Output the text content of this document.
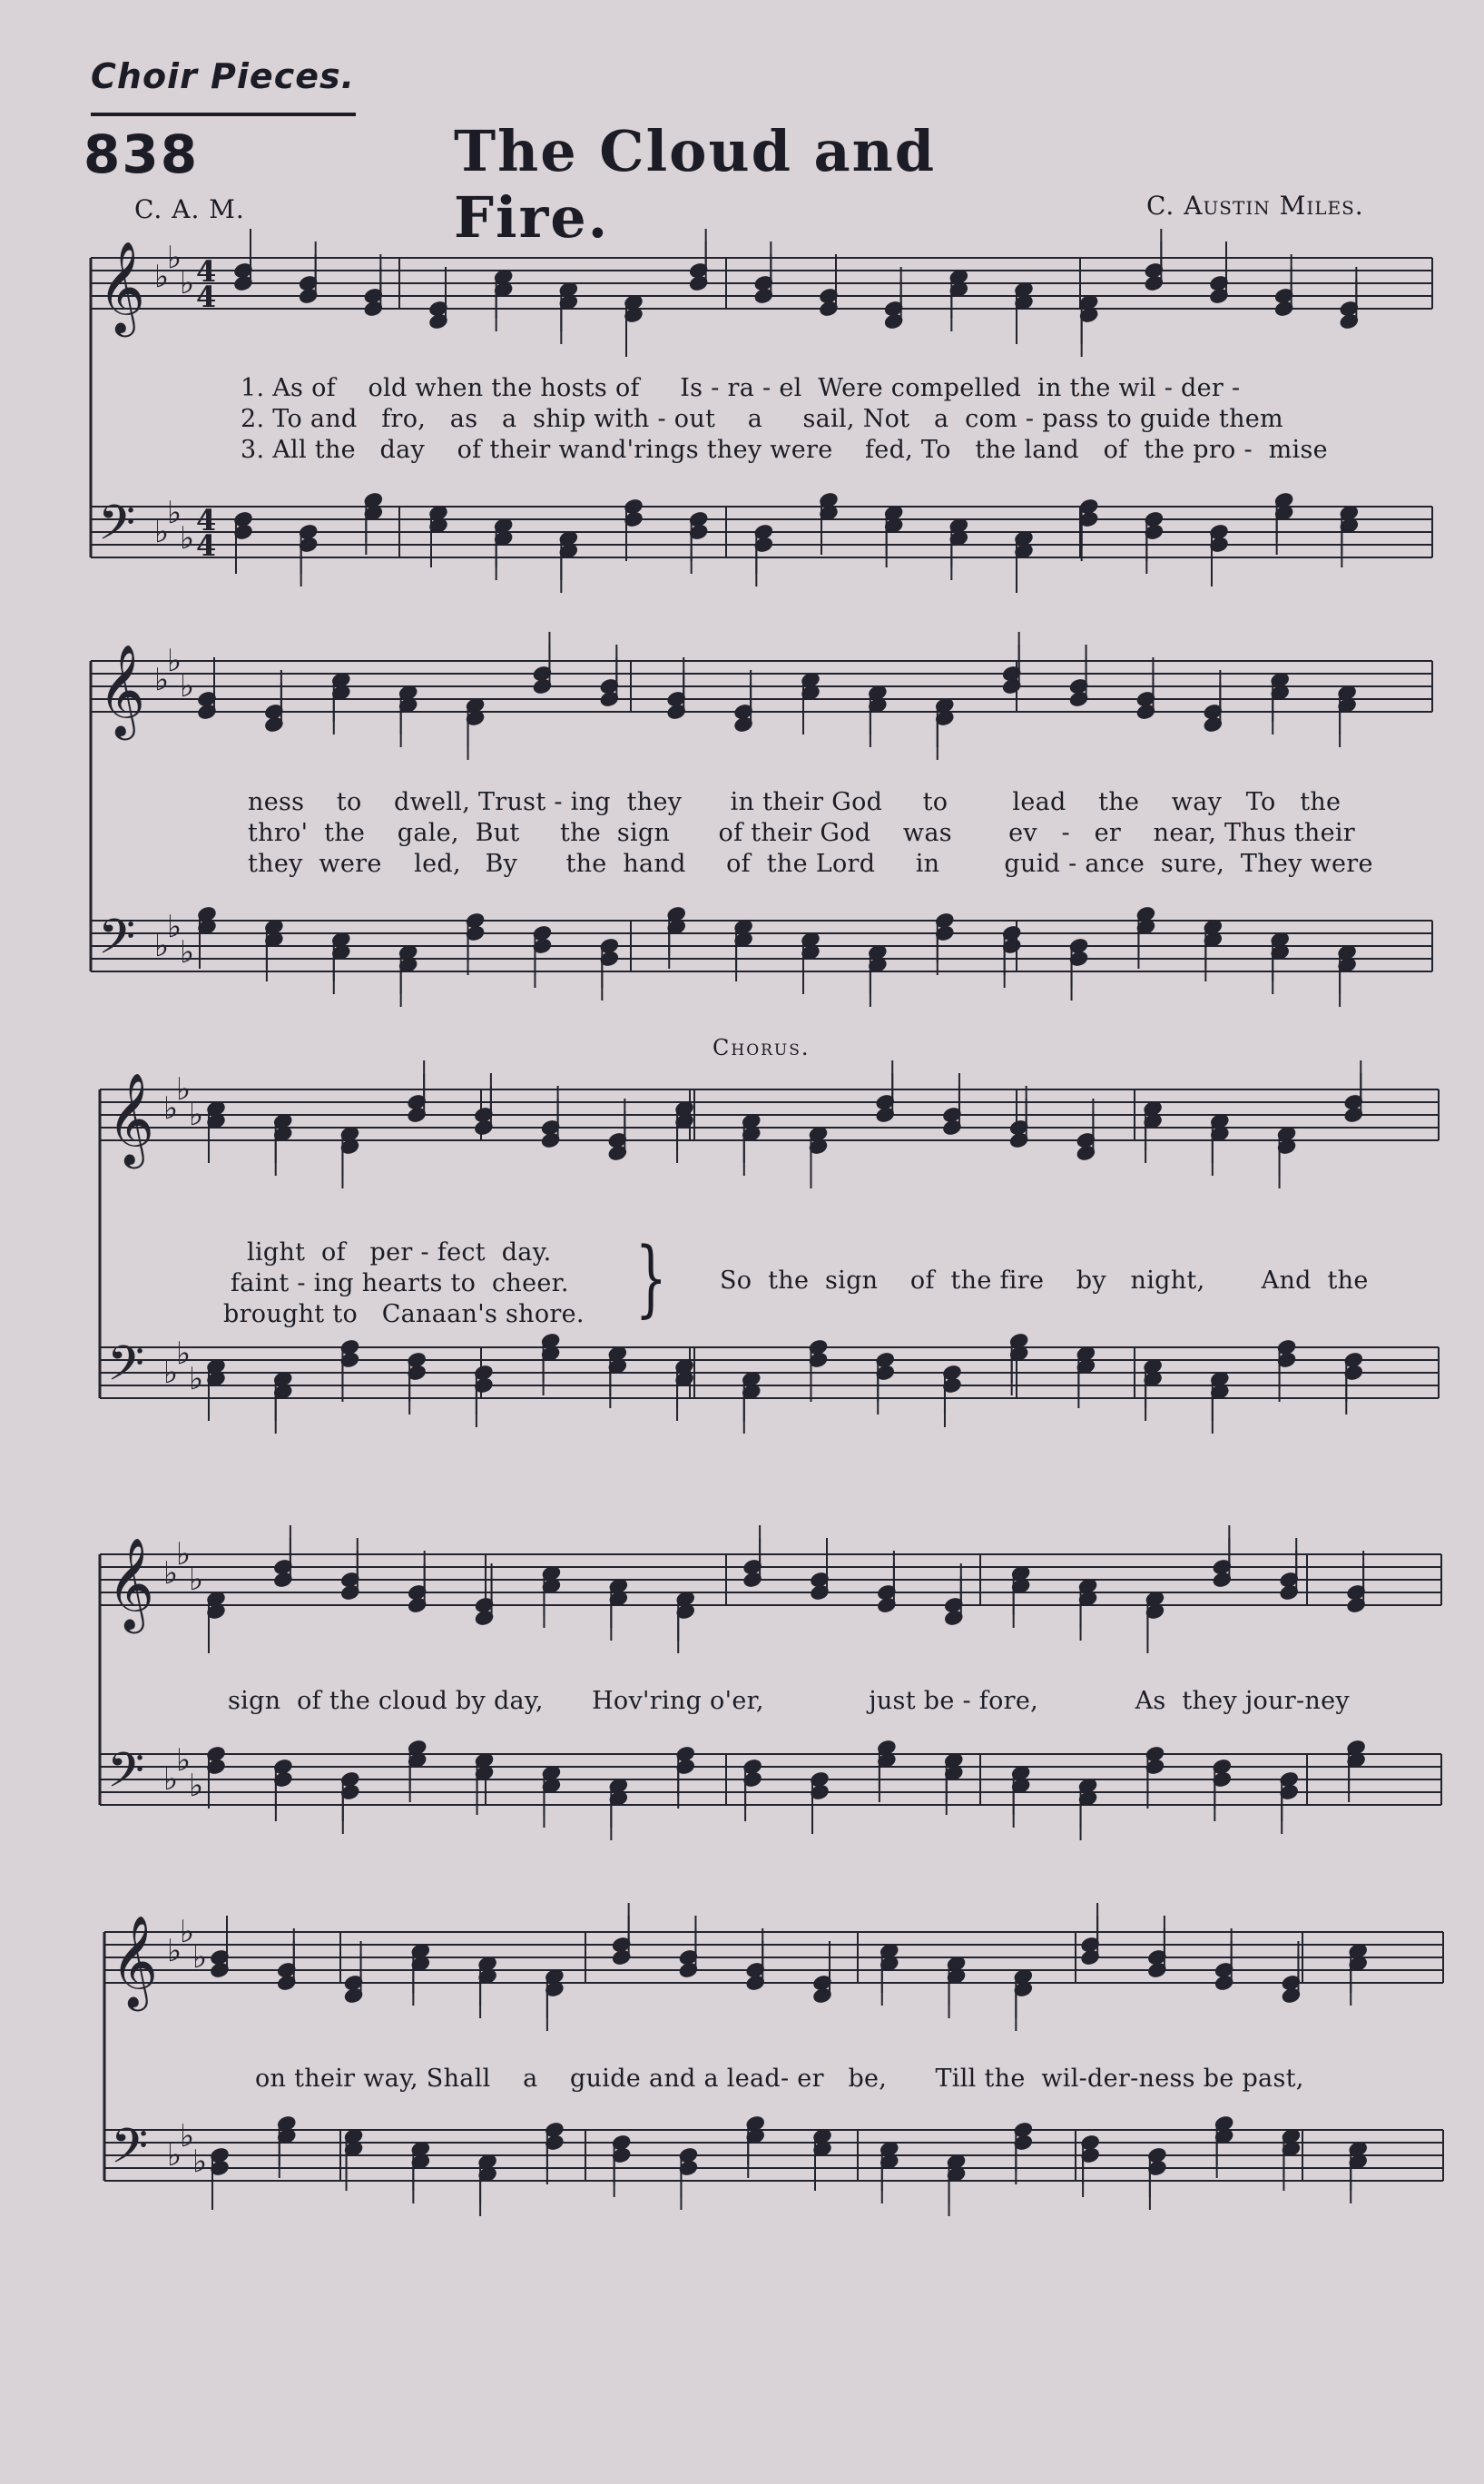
Choir Pieces.
838	The Cloud and Fire.
C. A. M.	C. Austin Miles.
𝄞
𝄢
♭
♭
♭
♭
♭
♭
4
4
4
4
𝄞
𝄢
♭
♭
♭
♭
♭
♭
𝄞
𝄢
♭
♭
♭
♭
♭
♭
𝄞
𝄢
♭
♭
♭
♭
♭
♭
𝄞
𝄢
♭
♭
♭
♭
♭
♭
1. As of    old when the hosts of     Is - ra - el  Were compelled  in the wil - der -
2. To and   fro,   as   a  ship with - out    a     sail, Not   a  com - pass to guide them
3. All the   day    of their wand'rings they were    fed, To   the land   of  the pro -  mise
ness    to    dwell, Trust - ing  they      in their God     to        lead    the    way   To   the
thro'  the    gale,  But     the  sign      of their God    was       ev   -   er    near, Thus their
they  were    led,   By      the  hand     of  the Lord     in        guid - ance  sure,  They were
Chorus.
light  of   per - fect  day.
faint - ing hearts to  cheer.
brought to   Canaan's shore. } So  the  sign    of  the fire    by   night,       And  the
sign  of the cloud by day,      Hov'ring o'er,             just be - fore,            As  they jour-ney
on their way, Shall    a    guide and a lead- er   be,      Till the  wil-der-ness be past,
